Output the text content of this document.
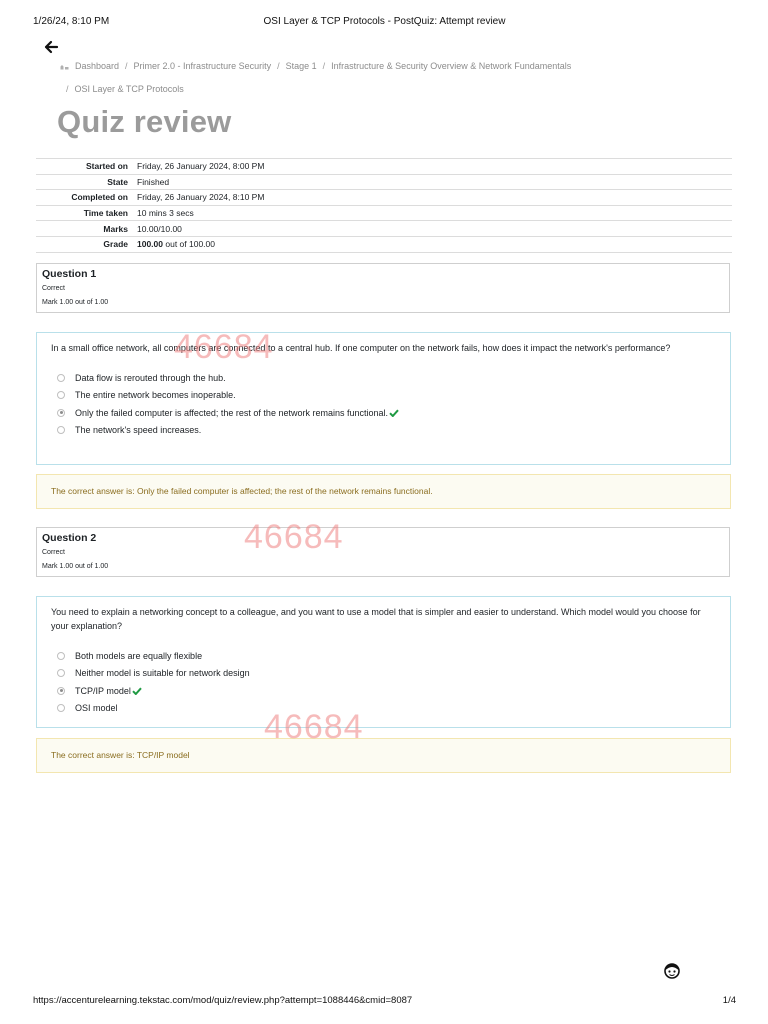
1/26/24, 8:10 PM	OSI Layer & TCP Protocols - PostQuiz: Attempt review
Dashboard / Primer 2.0 - Infrastructure Security / Stage 1 / Infrastructure & Security Overview & Network Fundamentals
/ OSI Layer & TCP Protocols
Quiz review
Started on	Friday, 26 January 2024, 8:00 PM
State	Finished
Completed on	Friday, 26 January 2024, 8:10 PM
Time taken	10 mins 3 secs
Marks	10.00/10.00
Grade	100.00 out of 100.00
Question 1
Correct
Mark 1.00 out of 1.00

In a small office network, all computers are connected to a central hub. If one computer on the network fails, how does it impact the network's performance?

Data flow is rerouted through the hub.
The entire network becomes inoperable.
Only the failed computer is affected; the rest of the network remains functional.
The network's speed increases.
The correct answer is: Only the failed computer is affected; the rest of the network remains functional.
Question 2
Correct
Mark 1.00 out of 1.00

You need to explain a networking concept to a colleague, and you want to use a model that is simpler and easier to understand. Which model would you choose for your explanation?

Both models are equally flexible
Neither model is suitable for network design
TCP/IP model
OSI model
The correct answer is: TCP/IP model
46684
46684
46684
https://accenturelearning.tekstac.com/mod/quiz/review.php?attempt=1088446&cmid=8087	1/4
